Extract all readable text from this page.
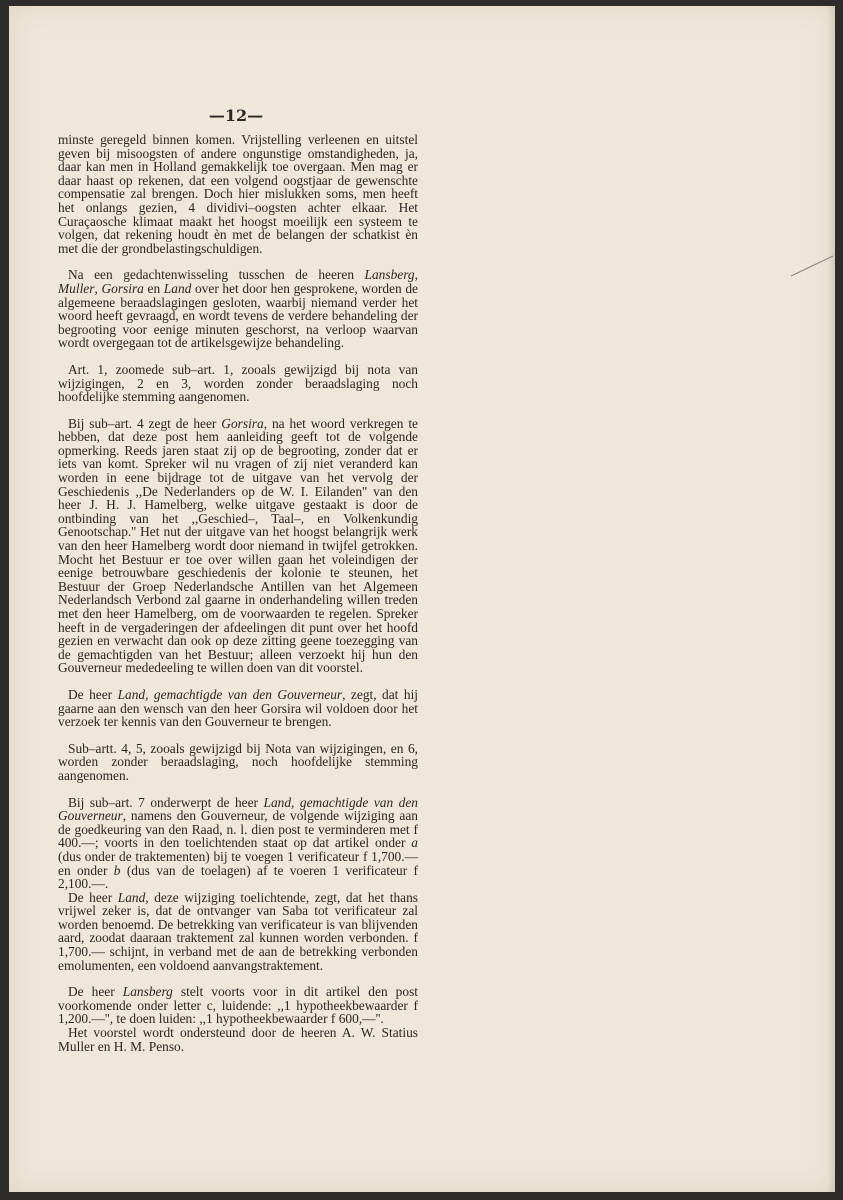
—12—

minste geregeld binnen komen. Vrijstelling verleenen en uitstel geven bij misoogsten of andere ongunstige omstandigheden, ja, daar kan men in Holland gemakkelijk toe overgaan. Men mag er daar haast op rekenen, dat een volgend oogstjaar de gewenschte compensatie zal brengen. Doch hier mislukken soms, men heeft het onlangs gezien, 4 dividivi–oogsten achter elkaar. Het Curaçaosche klimaat maakt het hoogst moeilijk een systeem te volgen, dat rekening houdt èn met de belangen der schatkist èn met die der grondbelastingschuldigen.

Na een gedachtenwisseling tusschen de heeren Lansberg, Muller, Gorsira en Land over het door hen gesprokene, worden de algemeene beraadslagingen gesloten, waarbij niemand verder het woord heeft gevraagd, en wordt tevens de verdere behandeling der begrooting voor eenige minuten geschorst, na verloop waarvan wordt overgegaan tot de artikelsgewijze behandeling.

Art. 1, zoomede sub–art. 1, zooals gewijzigd bij nota van wijzigingen, 2 en 3, worden zonder beraadslaging noch hoofdelijke stemming aangenomen.

Bij sub–art. 4 zegt de heer Gorsira, na het woord verkregen te hebben, dat deze post hem aanleiding geeft tot de volgende opmerking. Reeds jaren staat zij op de begrooting, zonder dat er iets van komt. Spreker wil nu vragen of zij niet veranderd kan worden in eene bijdrage tot de uitgave van het vervolg der Geschiedenis ,,De Nederlanders op de W. I. Eilanden'' van den heer J. H. J. Hamelberg, welke uitgave gestaakt is door de ontbinding van het ,,Geschied–, Taal–, en Volkenkundig Genootschap.'' Het nut der uitgave van het hoogst belangrijk werk van den heer Hamelberg wordt door niemand in twijfel getrokken. Mocht het Bestuur er toe over willen gaan het voleindigen der eenige betrouwbare geschiedenis der kolonie te steunen, het Bestuur der Groep Nederlandsche Antillen van het Algemeen Nederlandsch Verbond zal gaarne in onderhandeling willen treden met den heer Hamelberg, om de voorwaarden te regelen. Spreker heeft in de vergaderingen der afdeelingen dit punt over het hoofd gezien en verwacht dan ook op deze zitting geene toezegging van de gemachtigden van het Bestuur; alleen verzoekt hij hun den Gouverneur mededeeling te willen doen van dit voorstel.

De heer Land, gemachtigde van den Gouverneur, zegt, dat hij gaarne aan den wensch van den heer Gorsira wil voldoen door het verzoek ter kennis van den Gouverneur te brengen.

Sub–artt. 4, 5, zooals gewijzigd bij Nota van wijzigingen, en 6, worden zonder beraadslaging, noch hoofdelijke stemming aangenomen.

Bij sub–art. 7 onderwerpt de heer Land, gemachtigde van den Gouverneur, namens den Gouverneur, de volgende wijziging aan de goedkeuring van den Raad, n. l. dien post te verminderen met f 400.—; voorts in den toelichtenden staat op dat artikel onder a (dus onder de traktementen) bij te voegen 1 verificateur f 1,700.— en onder b (dus van de toelagen) af te voeren 1 verificateur f 2,100.—.

De heer Land, deze wijziging toelichtende, zegt, dat het thans vrijwel zeker is, dat de ontvanger van Saba tot verificateur zal worden benoemd. De betrekking van verificateur is van blijvenden aard, zoodat daaraan traktement zal kunnen worden verbonden. f 1,700.— schijnt, in verband met de aan de betrekking verbonden emolumenten, een voldoend aanvangstraktement.

De heer Lansberg stelt voorts voor in dit artikel den post voorkomende onder letter c, luidende: ,,1 hypotheekbewaarder f 1,200.—'', te doen luiden: ,,1 hypotheekbewaarder f 600,—''.

Het voorstel wordt ondersteund door de heeren A. W. Statius Muller en H. M. Penso.
